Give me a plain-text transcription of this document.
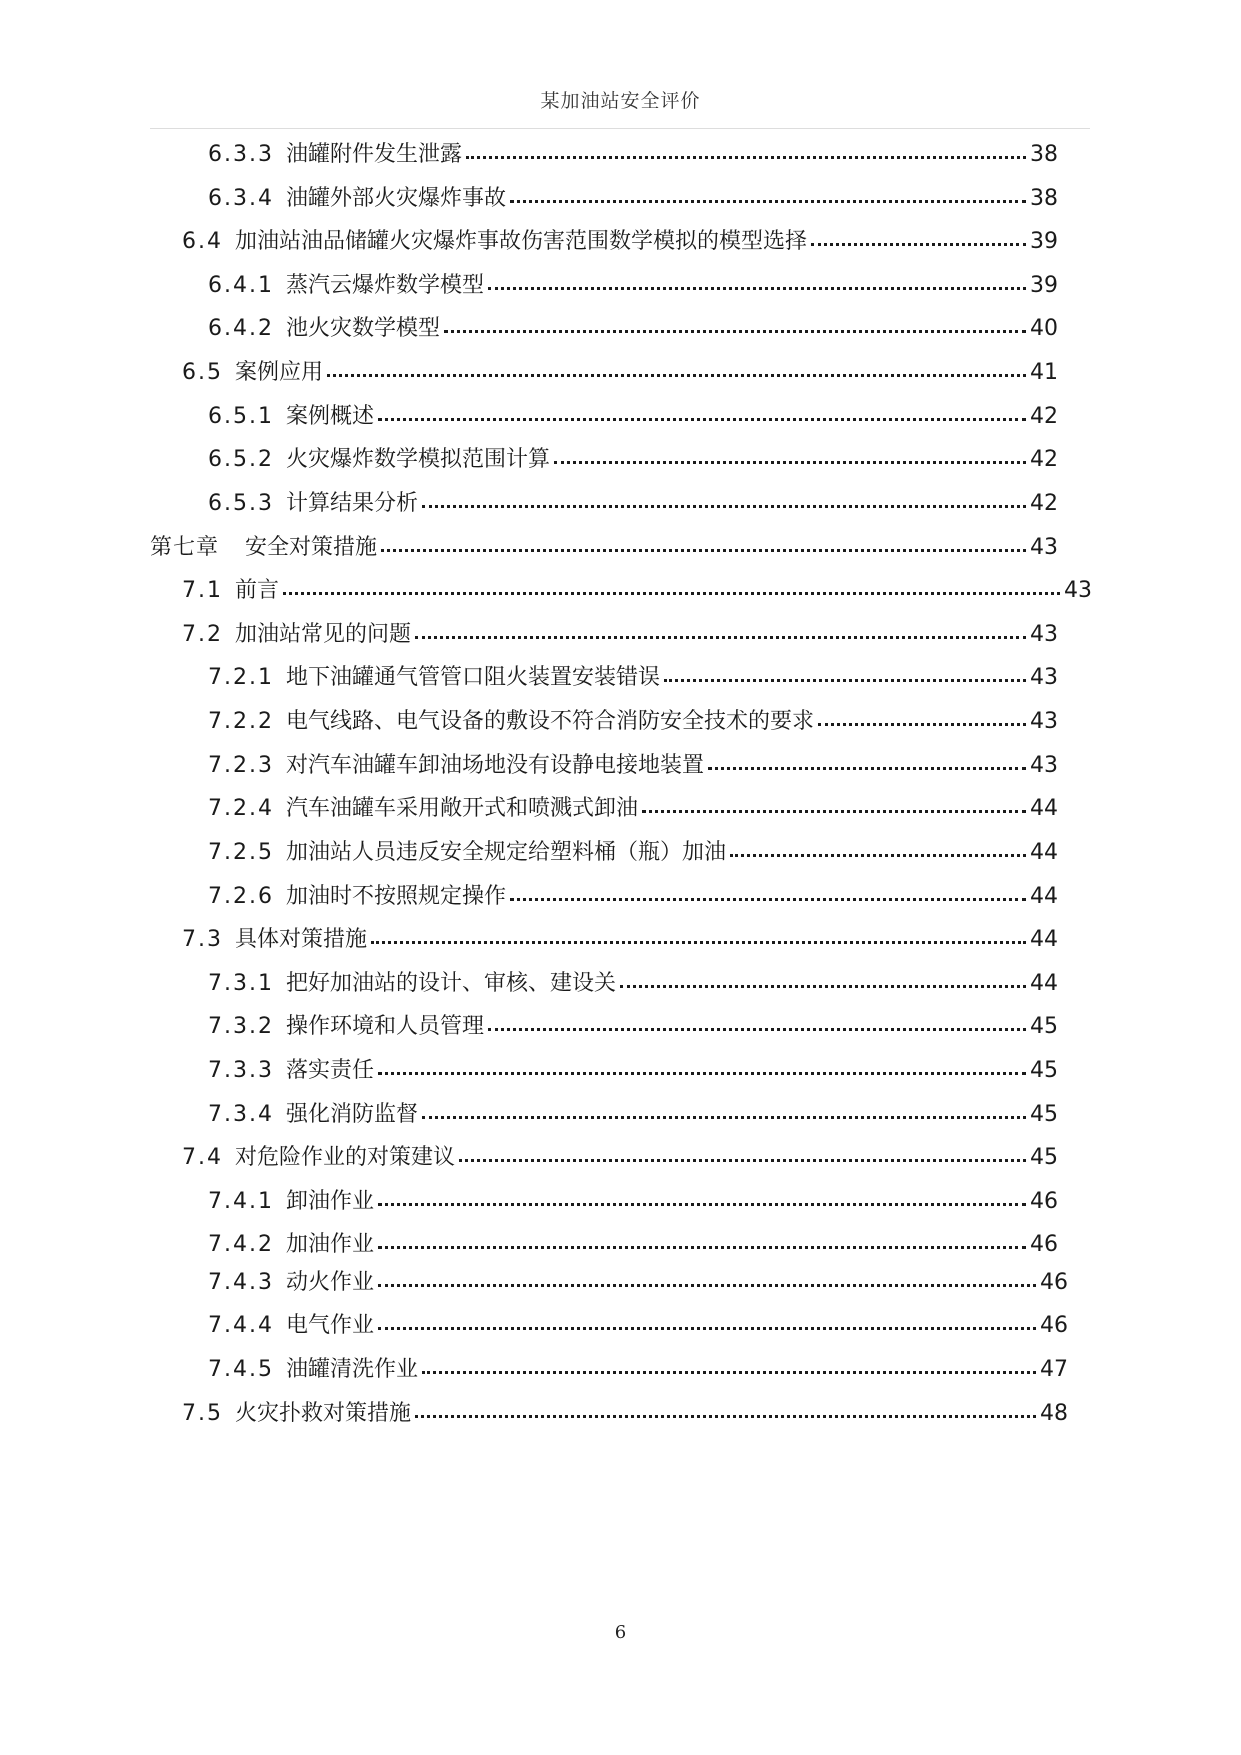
某加油站安全评价
6.3.3 油罐附件发生泄露	38
6.3.4 油罐外部火灾爆炸事故	38
6.4 加油站油品储罐火灾爆炸事故伤害范围数学模拟的模型选择	39
6.4.1 蒸汽云爆炸数学模型	39
6.4.2 池火灾数学模型	40
6.5 案例应用	41
6.5.1 案例概述	42
6.5.2 火灾爆炸数学模拟范围计算	42
6.5.3 计算结果分析	42
第七章 安全对策措施	43
7.1 前言	43
7.2 加油站常见的问题	43
7.2.1 地下油罐通气管管口阻火装置安装错误	43
7.2.2 电气线路、电气设备的敷设不符合消防安全技术的要求	43
7.2.3 对汽车油罐车卸油场地没有设静电接地装置	43
7.2.4 汽车油罐车采用敞开式和喷溅式卸油	44
7.2.5 加油站人员违反安全规定给塑料桶（瓶）加油	44
7.2.6 加油时不按照规定操作	44
7.3 具体对策措施	44
7.3.1 把好加油站的设计、审核、建设关	44
7.3.2 操作环境和人员管理	45
7.3.3 落实责任	45
7.3.4 强化消防监督	45
7.4 对危险作业的对策建议	45
7.4.1 卸油作业	46
7.4.2 加油作业	46
7.4.3 动火作业	46
7.4.4 电气作业	46
7.4.5 油罐清洗作业	47
7.5 火灾扑救对策措施	48
6
